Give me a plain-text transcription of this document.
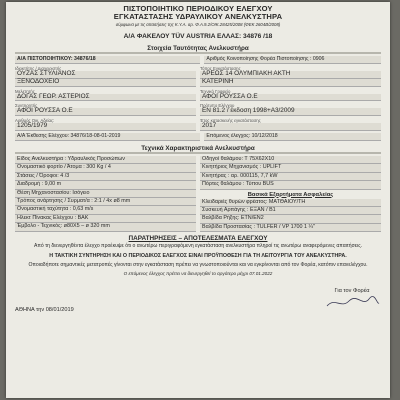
ΠΙΣΤΟΠΟΙΗΤΙΚΟ ΠΕΡΙΟΔΙΚΟΥ ΕΛΕΓΧΟΥ
ΕΓΚΑΤΑΣΤΑΣΗΣ ΥΔΡΑΥΛΙΚΟΥ ΑΝΕΛΚΥΣΤΗΡΑ
σύμφωνα με τις απαιτήσεις της Κ.Υ.Α. αρ. Φ.Α.9.2/ΟΙΚ.28425/2008 (ΦΕΚ 2604Β/2008)
Α/Α ΦΑΚΕΛΟΥ TÜV AUSTRIA ΕΛΛΑΣ: 34876 /18
Στοιχεία Ταυτότητας Ανελκυστήρα
Α/Α ΠΙΣΤΟΠΟΙΗΤΙΚΟΥ: 34876/18	Αριθμός Κοινοποίησης Φορέα Πιστοποίησης : 0906
Ιδιοκτήτης / Διαχειριστής
ΟΥΖΑΣ ΣΤΥΛΙΑΝΟΣ
ΞΕΝΟΔΟΧΕΙΟ
Μελετητής
ΔΟΓΑΣ ΓΕΩΡ. ΑΣΤΕΡΙΟΣ
Συντηρητής
ΑΦΟΙ ΡΟΥΣΣΑ Ο.Ε
Αριθμός Οικ. Αδείας:
1205/1979
Τόπος Εγκατάστασης
ΑΡΕΩΣ 14 ΟΛΥΜΠΙΑΚΗ ΑΚΤΗ
ΚΑΤΕΡΙΝΗ
Τεχνικό Γραφείο
ΑΦΟΙ ΡΟΥΣΣΑ Ο.Ε
Πρότυπο Ελέγχου
ΕΝ 81.2 / έκδοση 1998+Α3/2009
Έτος κατασκευής εγκατάστασης
2017
Α/Α Έκθεσης Ελέγχου: 34876/18-08-01-2019	Επόμενος έλεγχος: 10/12/2018
Τεχνικά Χαρακτηριστικά Ανελκυστήρα
Είδος Ανελκυστήρα : Υδραυλικός Προσώπων
Ονομαστικό φορτίο / Άτομα : 300 Kg / 4
Στάσεις / Όροφοι: 4 /3
Διαδρομή : 9,00 m
Θέση Μηχανοστασίου: Ισόγειο
Τρόπος ανάρτησης / Συρματ/α : 2:1 / 4x ø8 mm
Ονομαστική ταχύτητα : 0,63 m/s
Ηλεκτ Πίνακας Ελέγχου : ΒΑΚ
Έμβολο - Τεχνικός: ø80X5 – ø 320 mm
Οδηγοί θαλάμου: Τ 75Χ62Χ10
Κινητήριος Μηχανισμός : UPLIFT
Κινητήρας : αρ. 000115, 7,7 kW
Πόρτες θαλάμου : Τύπου BUS
Βασικά Εξαρτήματα Ασφαλείας
Κλειδαριές θυρών φρέατος: ΜΑΤΘΑΙΟΥ/ΤΗ
Συσκευή Αρπάγης : ΕΞΑΝ / Β1
Βαλβίδα Ρήξης: ΕΤΝ/ΕΝ2
Βαλβίδα Προστασίας : TULFER / VP 1700 1 ¼"
ΠΑΡΑΤΗΡΗΣΕΙΣ – ΑΠΟΤΕΛΕΣΜΑΤΑ ΕΛΕΓΧΟΥ
Από τη διενεργηθέντα έλεγχο προέκυψε ότι ο ανωτέρω περιγραφόμενη εγκατάσταση ανελκυστήρα πληροί τις ανωτέρω αναφερόμενες απαιτήσεις.
Η ΤΑΚΤΙΚΗ ΣΥΝΤΗΡΗΣΗ ΚΑΙ Ο ΠΕΡΙΟΔΙΚΟΣ ΕΛΕΓΧΟΣ ΕΙΝΑΙ ΠΡΟΫΠΟΘΕΣΗ ΓΙΑ ΤΗ ΛΕΙΤΟΥΡΓΙΑ ΤΟΥ ΑΝΕΛΚΥΣΤΗΡΑ.
Οποιαδήποτε σημαντικές μετατροπές γίνονται στην εγκατάσταση πρέπει να γνωστοποιούνται και να εγκρίνονται από τον Φορέα, κατόπιν επανελέγχου.
Ο επόμενος έλεγχος πρέπει να διενεργηθεί το αργότερο μέχρι 07.01.2022
ΑΘΗΝΑ την 08/01/2019
Για τον Φορέα
